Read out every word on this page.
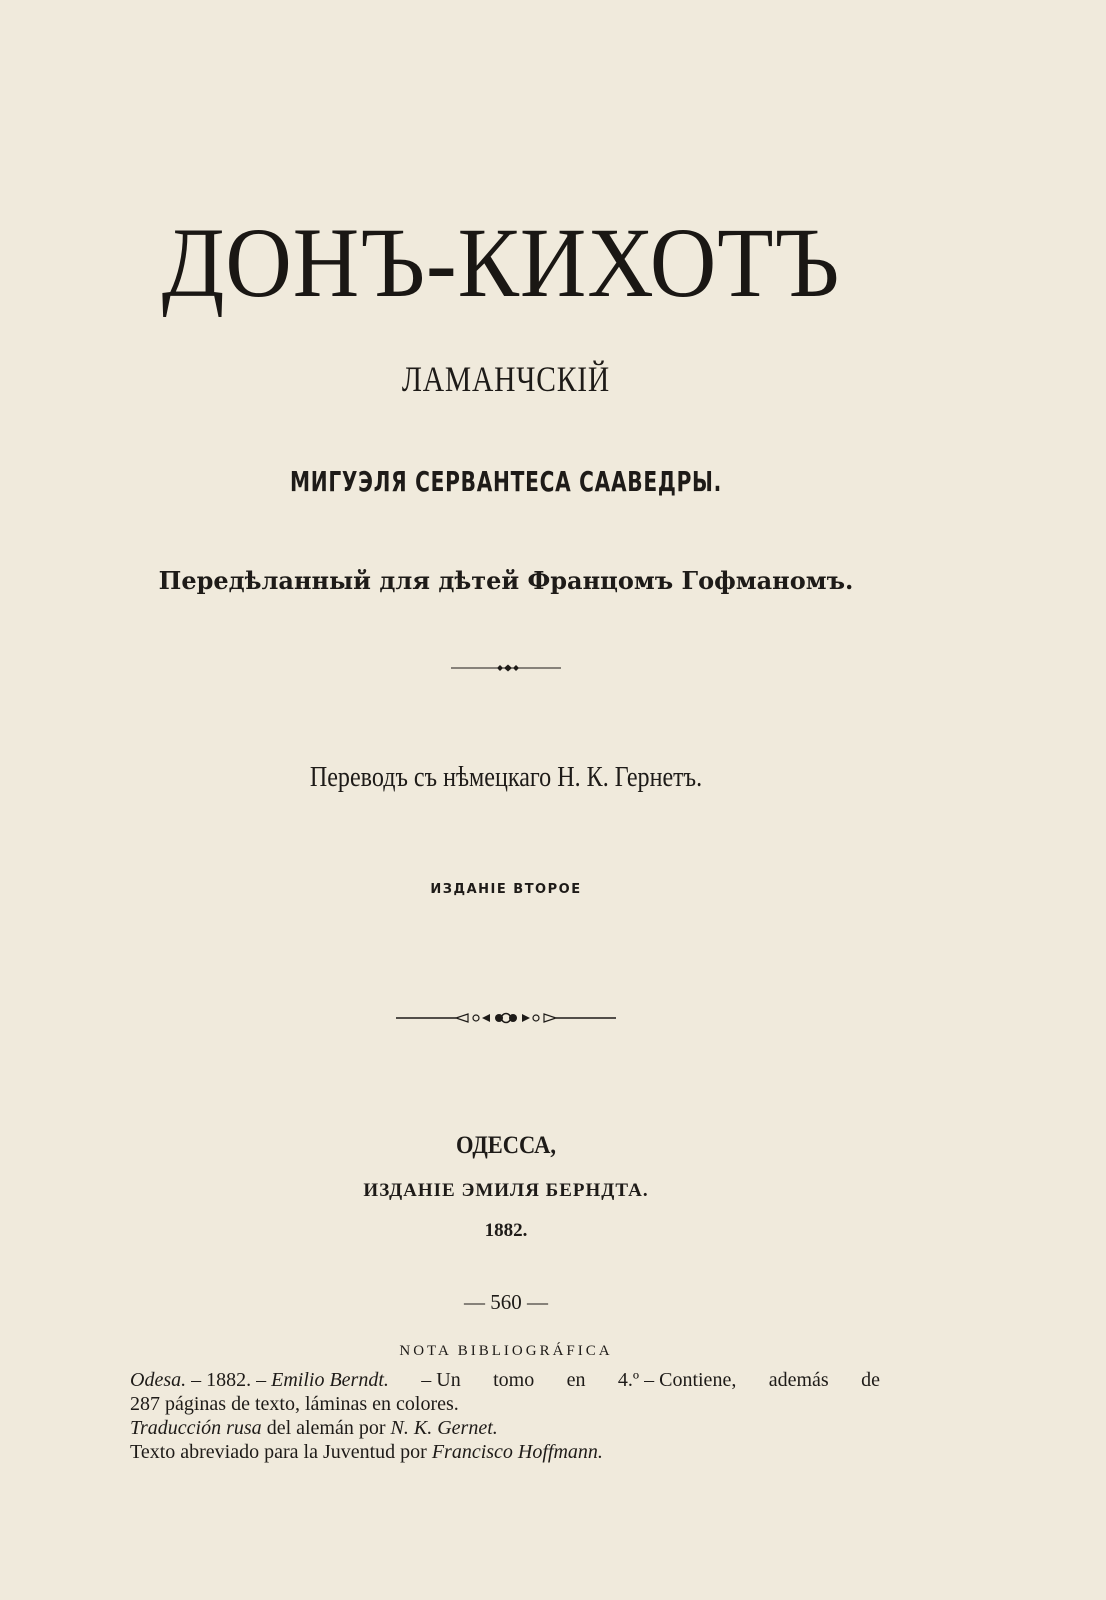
ДОНЪ-КИХОТЪ
ЛАМАНЧСКІЙ
МИГУЭЛЯ СЕРВАНТЕСА СААВЕДРЫ.
Передѣланный для дѣтей Францомъ Гофманомъ.
Переводъ съ нѣмецкаго Н. К. Гернетъ.
ИЗДАНІЕ ВТОРОЕ
ОДЕССА,
ИЗДАНІЕ ЭМИЛЯ БЕРНДТА.
1882.
— 560 —
NOTA BIBLIOGRÁFICA
Odesa. – 1882. – Emilio Berndt. – Un tomo en 4.º – Contiene, además de
287 páginas de texto, láminas en colores.
Traducción rusa del alemán por N. K. Gernet.
Texto abreviado para la Juventud por Francisco Hoffmann.
